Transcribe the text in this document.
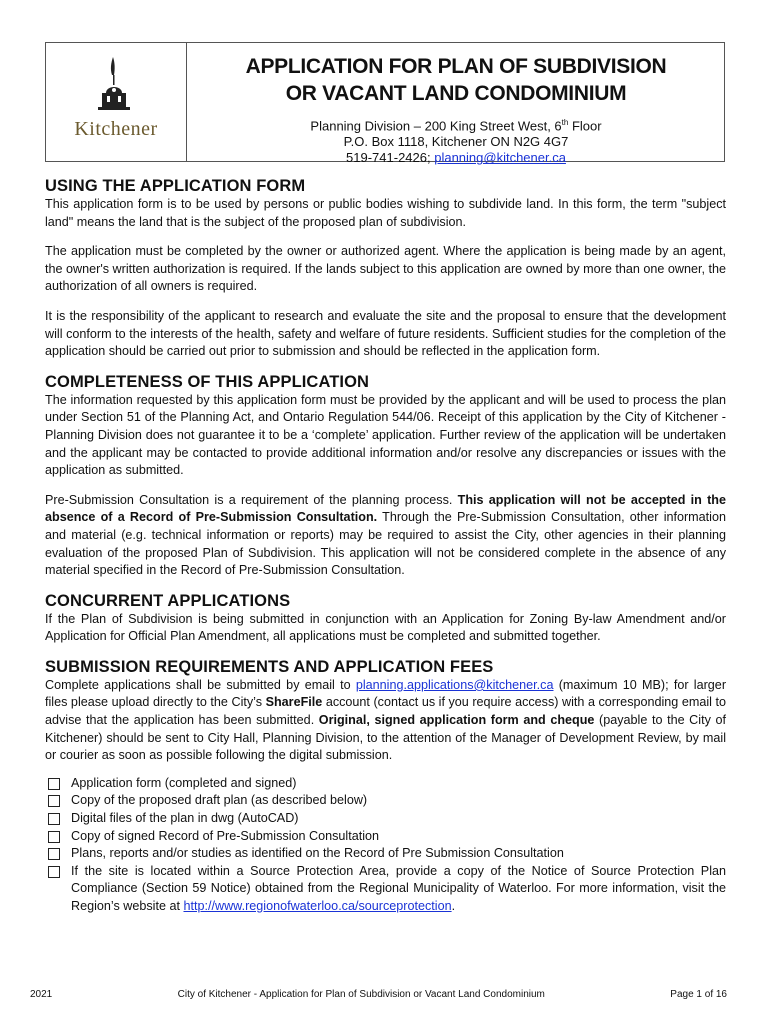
Kitchener
APPLICATION FOR PLAN OF SUBDIVISION
OR VACANT LAND CONDOMINIUM
Planning Division – 200 King Street West, 6th Floor
P.O. Box 1118, Kitchener ON N2G 4G7
519-741-2426; planning@kitchener.ca
USING THE APPLICATION FORM

This application form is to be used by persons or public bodies wishing to subdivide land. In this form, the term "subject land" means the land that is the subject of the proposed plan of subdivision.

The application must be completed by the owner or authorized agent. Where the application is being made by an agent, the owner's written authorization is required. If the lands subject to this application are owned by more than one owner, the authorization of all owners is required.

It is the responsibility of the applicant to research and evaluate the site and the proposal to ensure that the development will conform to the interests of the health, safety and welfare of future residents. Sufficient studies for the completion of the application should be carried out prior to submission and should be reflected in the application form.

COMPLETENESS OF THIS APPLICATION

The information requested by this application form must be provided by the applicant and will be used to process the plan under Section 51 of the Planning Act, and Ontario Regulation 544/06. Receipt of this application by the City of Kitchener - Planning Division does not guarantee it to be a ‘complete’ application. Further review of the application will be undertaken and the applicant may be contacted to provide additional information and/or resolve any discrepancies or issues with the application as submitted.

Pre-Submission Consultation is a requirement of the planning process. This application will not be accepted in the absence of a Record of Pre-Submission Consultation. Through the Pre-Submission Consultation, other information and material (e.g. technical information or reports) may be required to assist the City, other agencies in their planning evaluation of the proposed Plan of Subdivision. This application will not be considered complete in the absence of any material specified in the Record of Pre-Submission Consultation.

CONCURRENT APPLICATIONS

If the Plan of Subdivision is being submitted in conjunction with an Application for Zoning By-law Amendment and/or Application for Official Plan Amendment, all applications must be completed and submitted together.

SUBMISSION REQUIREMENTS AND APPLICATION FEES

Complete applications shall be submitted by email to planning.applications@kitchener.ca (maximum 10 MB); for larger files please upload directly to the City’s ShareFile account (contact us if you require access) with a corresponding email to advise that the application has been submitted. Original, signed application form and cheque (payable to the City of Kitchener) should be sent to City Hall, Planning Division, to the attention of the Manager of Development Review, by mail or courier as soon as possible following the digital submission.

Application form (completed and signed)
Copy of the proposed draft plan (as described below)
Digital files of the plan in dwg (AutoCAD)
Copy of signed Record of Pre-Submission Consultation
Plans, reports and/or studies as identified on the Record of Pre Submission Consultation
If the site is located within a Source Protection Area, provide a copy of the Notice of Source Protection Plan Compliance (Section 59 Notice) obtained from the Regional Municipality of Waterloo. For more information, visit the Region’s website at http://www.regionofwaterloo.ca/sourceprotection.
2021	City of Kitchener - Application for Plan of Subdivision or Vacant Land Condominium	Page 1 of 16
